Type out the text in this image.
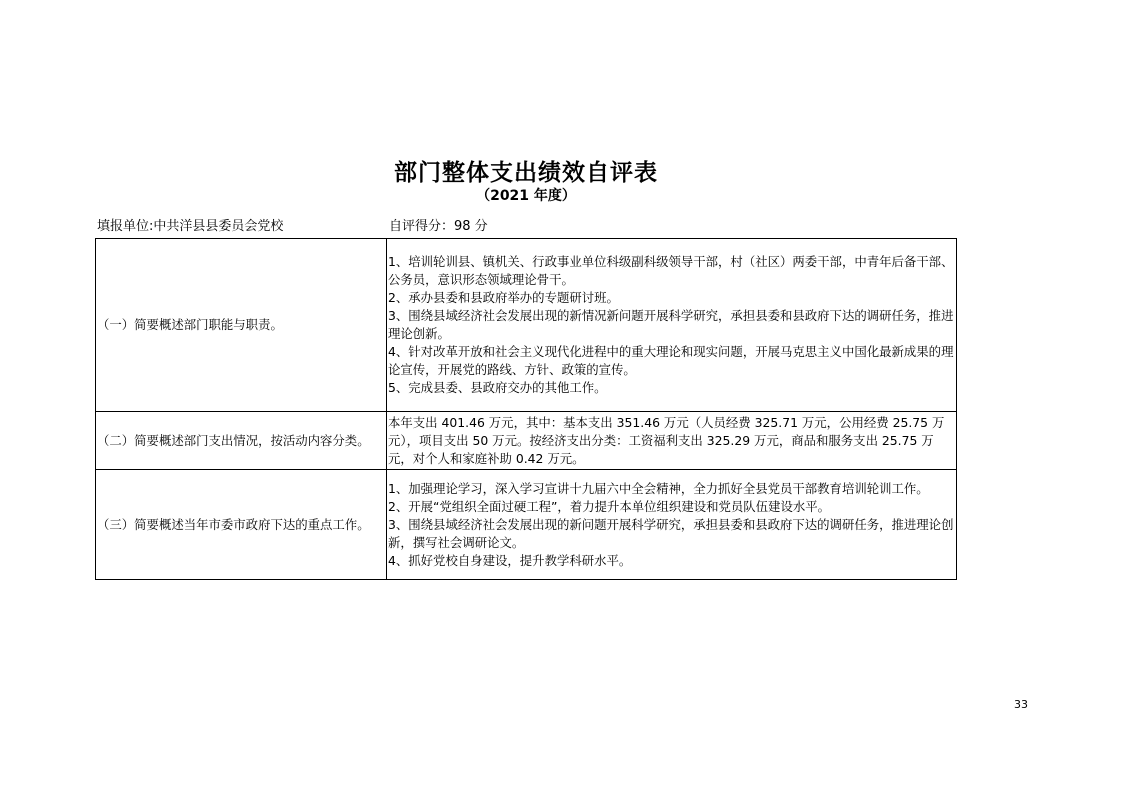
部门整体支出绩效自评表
（2021 年度）
填报单位:中共洋县县委员会党校	自评得分：98 分
（一）简要概述部门职能与职责。	1、培训轮训县、镇机关、行政事业单位科级副科级领导干部，村（社区）两委干部，中青年后备干部、公务员，意识形态领域理论骨干。
2、承办县委和县政府举办的专题研讨班。
3、围绕县域经济社会发展出现的新情况新问题开展科学研究，承担县委和县政府下达的调研任务，推进理论创新。
4、针对改革开放和社会主义现代化进程中的重大理论和现实问题，开展马克思主义中国化最新成果的理论宣传，开展党的路线、方针、政策的宣传。
5、完成县委、县政府交办的其他工作。

（二）简要概述部门支出情况，按活动内容分类。	本年支出 401.46 万元，其中：基本支出 351.46 万元（人员经费 325.71 万元，公用经费 25.75 万元），项目支出 50 万元。按经济支出分类：工资福利支出 325.29 万元，商品和服务支出 25.75 万元，对个人和家庭补助 0.42 万元。

（三）简要概述当年市委市政府下达的重点工作。	1、加强理论学习，深入学习宣讲十九届六中全会精神，全力抓好全县党员干部教育培训轮训工作。
2、开展“党组织全面过硬工程”，着力提升本单位组织建设和党员队伍建设水平。
3、围绕县域经济社会发展出现的新问题开展科学研究，承担县委和县政府下达的调研任务，推进理论创新，撰写社会调研论文。
4、抓好党校自身建设，提升教学科研水平。
33
